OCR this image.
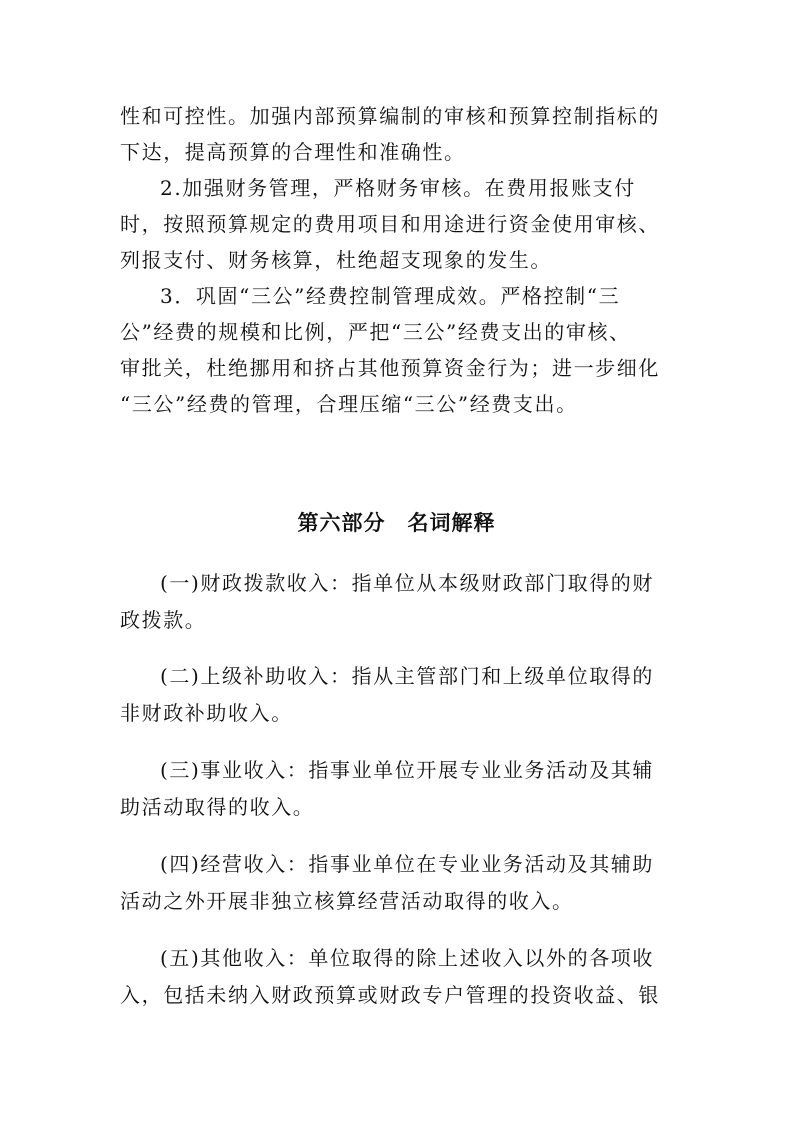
性和可控性。加强内部预算编制的审核和预算控制指标的
下达，提高预算的合理性和准确性。
2.加强财务管理，严格财务审核。在费用报账支付
时，按照预算规定的费用项目和用途进行资金使用审核、
列报支付、财务核算，杜绝超支现象的发生。
3．巩固“三公”经费控制管理成效。严格控制“三
公”经费的规模和比例，严把“三公”经费支出的审核、
审批关，杜绝挪用和挤占其他预算资金行为；进一步细化
“三公”经费的管理，合理压缩“三公”经费支出。
第六部分　名词解释
(一)财政拨款收入：指单位从本级财政部门取得的财
政拨款。
(二)上级补助收入：指从主管部门和上级单位取得的
非财政补助收入。
(三)事业收入：指事业单位开展专业业务活动及其辅
助活动取得的收入。
(四)经营收入：指事业单位在专业业务活动及其辅助
活动之外开展非独立核算经营活动取得的收入。
(五)其他收入：单位取得的除上述收入以外的各项收
入，包括未纳入财政预算或财政专户管理的投资收益、银
